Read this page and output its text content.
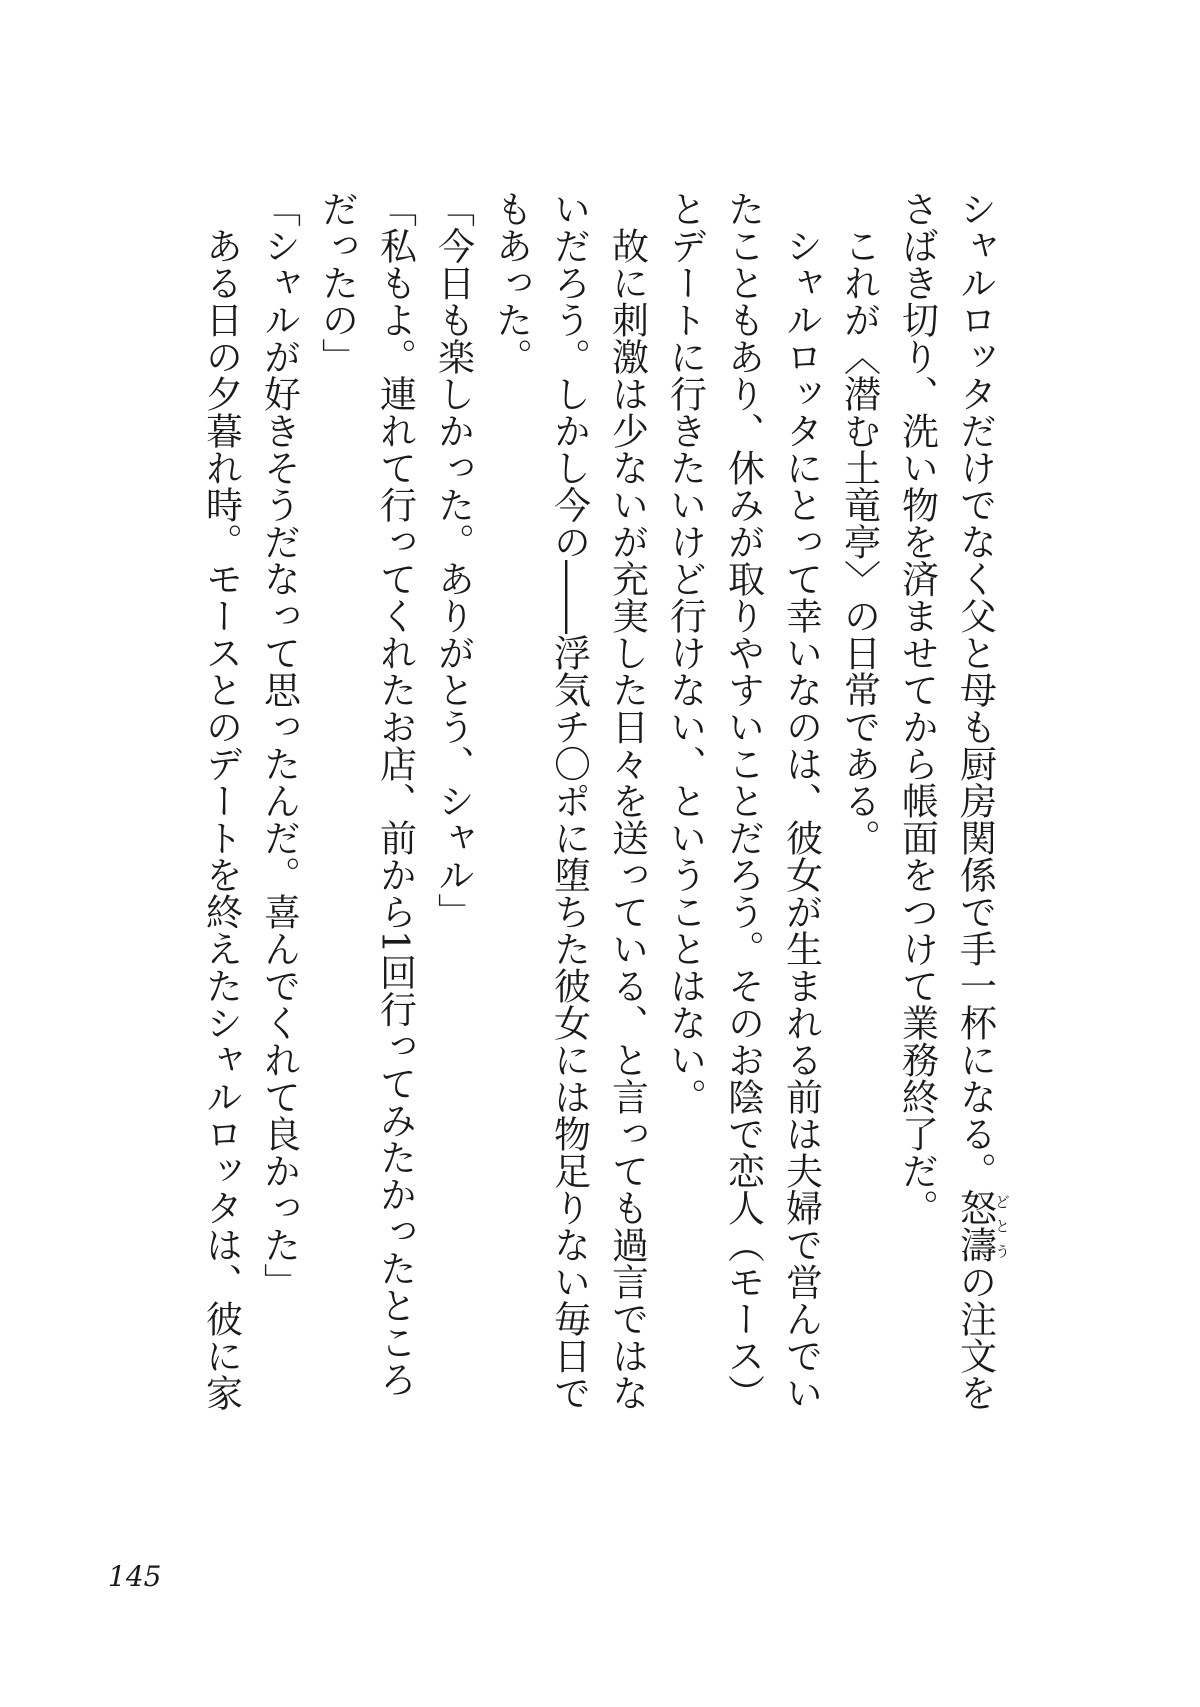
シャルロッタだけでなく父と母も厨房関係で手一杯になる。怒濤どとうの注文を
さばき切り、洗い物を済ませてから帳面をつけて業務終了だ。
これが〈潜む土竜亭〉の日常である。
シャルロッタにとって幸いなのは、彼女が生まれる前は夫婦で営んでい
たこともあり、休みが取りやすいことだろう。そのお陰で恋人（モース）
とデートに行きたいけど行けない、ということはない。
故に刺激は少ないが充実した日々を送っている、と言っても過言ではな
いだろう。しかし今の――浮気チ〇ポに堕ちた彼女には物足りない毎日で
もあった。
「今日も楽しかった。ありがとう、シャル」
「私もよ。連れて行ってくれたお店、前から1回行ってみたかったところ
だったの」
「シャルが好きそうだなって思ったんだ。喜んでくれて良かった」
ある日の夕暮れ時。モースとのデートを終えたシャルロッタは、彼に家
145
